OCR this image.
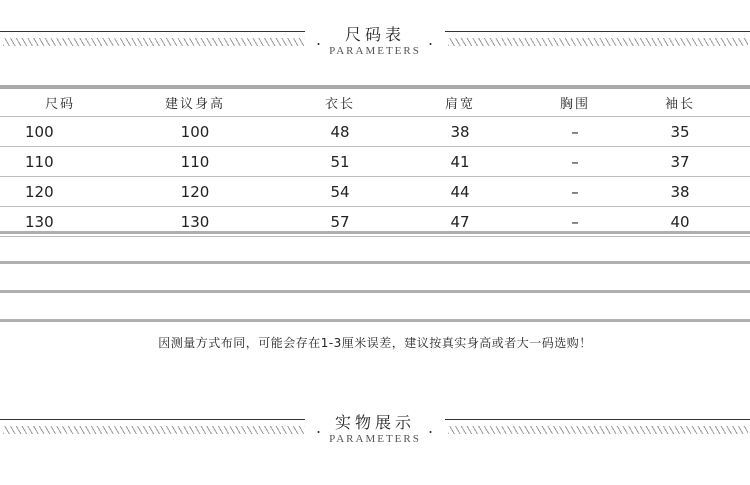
.	尺码表	.
PARAMETERS
尺码	建议身高	衣长	肩宽	胸围	袖长
100	100	48	38	–	35
110	110	51	41	–	37
120	120	54	44	–	38
130	130	57	47	–	40
因测量方式布同，可能会存在1-3厘米误差，建议按真实身高或者大一码选购！
. 实物展示 .
PARAMETERS
